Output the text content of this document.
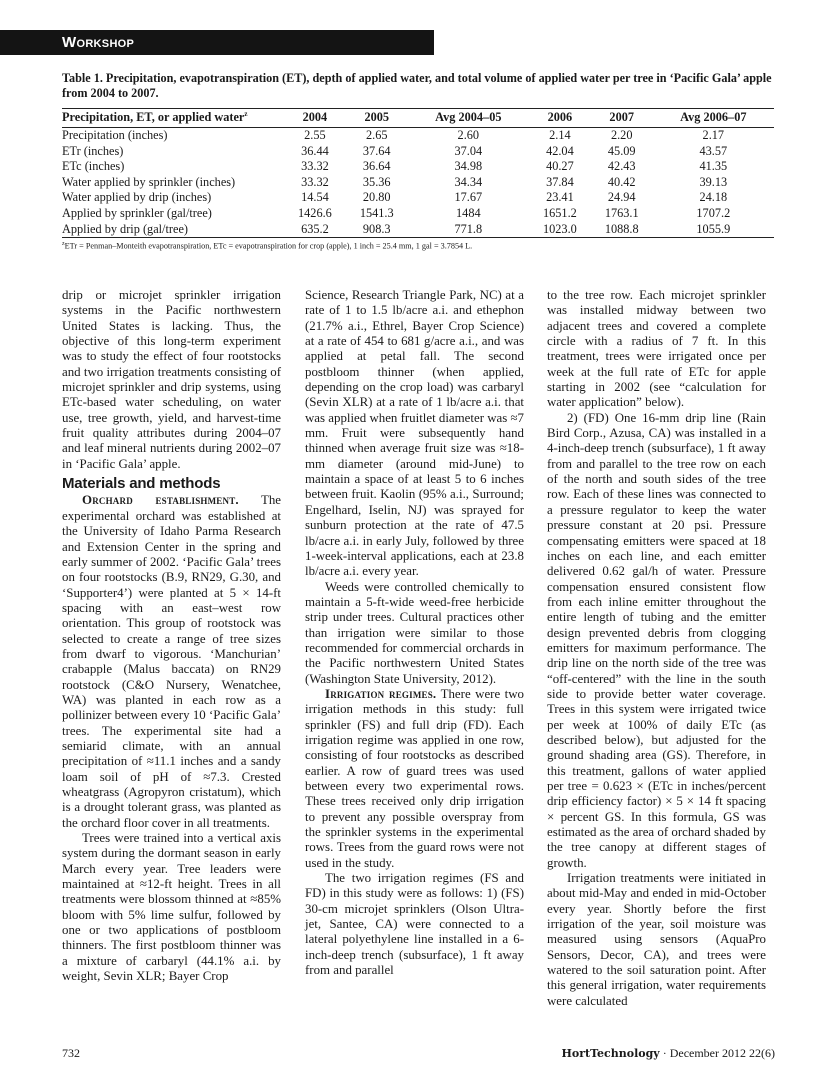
Workshop
Table 1. Precipitation, evapotranspiration (ET), depth of applied water, and total volume of applied water per tree in ‘Pacific Gala’ apple from 2004 to 2007.
Precipitation, ET, or applied water$^z$	2004	2005	Avg 2004–05	2006	2007	Avg 2006–07
Precipitation (inches)	2.55	2.65	2.60	2.14	2.20	2.17
ETr (inches)	36.44	37.64	37.04	42.04	45.09	43.57
ETc (inches)	33.32	36.64	34.98	40.27	42.43	41.35
Water applied by sprinkler (inches)	33.32	35.36	34.34	37.84	40.42	39.13
Water applied by drip (inches)	14.54	20.80	17.67	23.41	24.94	24.18
Applied by sprinkler (gal/tree)	1426.6	1541.3	1484	1651.2	1763.1	1707.2
Applied by drip (gal/tree)	635.2	908.3	771.8	1023.0	1088.8	1055.9
$^z$ETr = Penman–Monteith evapotranspiration, ETc = evapotranspiration for crop (apple), 1 inch = 25.4 mm, 1 gal = 3.7854 L.

drip or microjet sprinkler irrigation systems in the Pacific northwestern United States is lacking. Thus, the objective of this long-term experiment was to study the effect of four rootstocks and two irrigation treatments consisting of microjet sprinkler and drip systems, using ETc-based water scheduling, on water use, tree growth, yield, and harvest-time fruit quality attributes during 2004–07 and leaf mineral nutrients during 2002–07 in ‘Pacific Gala’ apple.

Materials and methods

Orchard establishment. The experimental orchard was established at the University of Idaho Parma Research and Extension Center in the spring and early summer of 2002. ‘Pacific Gala’ trees on four rootstocks (B.9, RN29, G.30, and ‘Supporter4’) were planted at 5 × 14-ft spacing with an east–west row orientation. This group of rootstock was selected to create a range of tree sizes from dwarf to vigorous. ‘Manchurian’ crabapple (Malus baccata) on RN29 rootstock (C&O Nursery, Wenatchee, WA) was planted in each row as a pollinizer between every 10 ‘Pacific Gala’ trees. The experimental site had a semiarid climate, with an annual precipitation of ≈11.1 inches and a sandy loam soil of pH of ≈7.3. Crested wheatgrass (Agropyron cristatum), which is a drought tolerant grass, was planted as the orchard floor cover in all treatments.

Trees were trained into a vertical axis system during the dormant season in early March every year. Tree leaders were maintained at ≈12-ft height. Trees in all treatments were blossom thinned at ≈85% bloom with 5% lime sulfur, followed by one or two applications of postbloom thinners. The first postbloom thinner was a mixture of carbaryl (44.1% a.i. by weight, Sevin XLR; Bayer Crop

Science, Research Triangle Park, NC) at a rate of 1 to 1.5 lb/acre a.i. and ethephon (21.7% a.i., Ethrel, Bayer Crop Science) at a rate of 454 to 681 g/acre a.i., and was applied at petal fall. The second postbloom thinner (when applied, depending on the crop load) was carbaryl (Sevin XLR) at a rate of 1 lb/acre a.i. that was applied when fruitlet diameter was ≈7 mm. Fruit were subsequently hand thinned when average fruit size was ≈18-mm diameter (around mid-June) to maintain a space of at least 5 to 6 inches between fruit. Kaolin (95% a.i., Surround; Engelhard, Iselin, NJ) was sprayed for sunburn protection at the rate of 47.5 lb/acre a.i. in early July, followed by three 1-week-interval applications, each at 23.8 lb/acre a.i. every year.

Weeds were controlled chemically to maintain a 5-ft-wide weed-free herbicide strip under trees. Cultural practices other than irrigation were similar to those recommended for commercial orchards in the Pacific northwestern United States (Washington State University, 2012).

Irrigation regimes. There were two irrigation methods in this study: full sprinkler (FS) and full drip (FD). Each irrigation regime was applied in one row, consisting of four rootstocks as described earlier. A row of guard trees was used between every two experimental rows. These trees received only drip irrigation to prevent any possible overspray from the sprinkler systems in the experimental rows. Trees from the guard rows were not used in the study.

The two irrigation regimes (FS and FD) in this study were as follows: 1) (FS) 30-cm microjet sprinklers (Olson Ultra-jet, Santee, CA) were connected to a lateral polyethylene line installed in a 6-inch-deep trench (subsurface), 1 ft away from and parallel

to the tree row. Each microjet sprinkler was installed midway between two adjacent trees and covered a complete circle with a radius of 7 ft. In this treatment, trees were irrigated once per week at the full rate of ETc for apple starting in 2002 (see “calculation for water application” below).

2) (FD) One 16-mm drip line (Rain Bird Corp., Azusa, CA) was installed in a 4-inch-deep trench (subsurface), 1 ft away from and parallel to the tree row on each of the north and south sides of the tree row. Each of these lines was connected to a pressure regulator to keep the water pressure constant at 20 psi. Pressure compensating emitters were spaced at 18 inches on each line, and each emitter delivered 0.62 gal/h of water. Pressure compensation ensured consistent flow from each inline emitter throughout the entire length of tubing and the emitter design prevented debris from clogging emitters for maximum performance. The drip line on the north side of the tree was “off-centered” with the line in the south side to provide better water coverage. Trees in this system were irrigated twice per week at 100% of daily ETc (as described below), but adjusted for the ground shading area (GS). Therefore, in this treatment, gallons of water applied per tree = 0.623 × (ETc in inches/percent drip efficiency factor) × 5 × 14 ft spacing × percent GS. In this formula, GS was estimated as the area of orchard shaded by the tree canopy at different stages of growth.

Irrigation treatments were initiated in about mid-May and ended in mid-October every year. Shortly before the first irrigation of the year, soil moisture was measured using sensors (AquaPro Sensors, Decor, CA), and trees were watered to the soil saturation point. After this general irrigation, water requirements were calculated

732	HortTechnology · December 2012 22(6)
